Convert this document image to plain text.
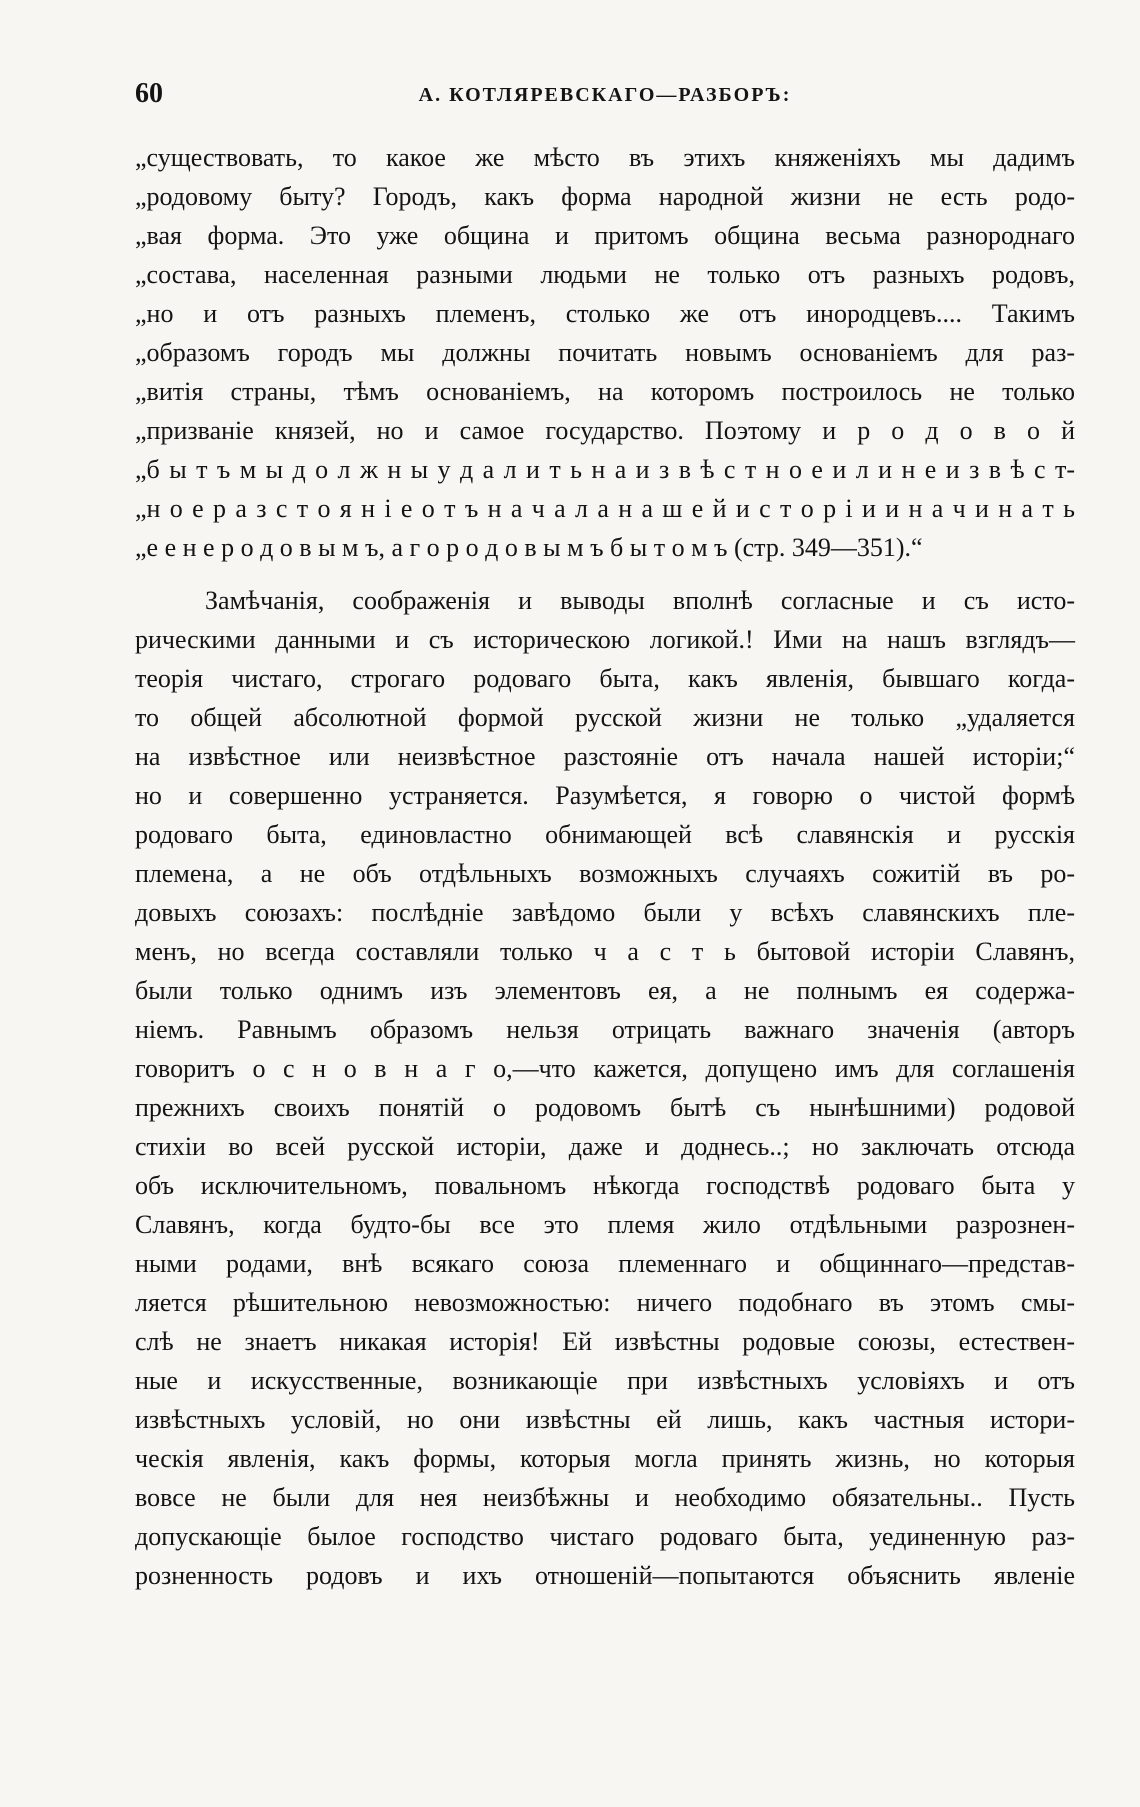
60	А. КОТЛЯРЕВСКАГО—РАЗБОРЪ:
„существовать, то какое же мѣсто въ этихъ княженіяхъ мы дадимъ
„родовому быту? Городъ, какъ форма народной жизни не есть родо-
„вая форма. Это уже община и притомъ община весьма разнороднаго
„состава, населенная разными людьми не только отъ разныхъ родовъ,
„но и отъ разныхъ племенъ, столько же отъ инородцевъ.... Такимъ
„образомъ городъ мы должны почитать новымъ основаніемъ для раз-
„витія страны, тѣмъ основаніемъ, на которомъ построилось не только
„призваніе князей, но и самое государство. Поэтому и р о д о в о й
„б ы т ъ м ы д о л ж н ы у д а л и т ь н а и з в ѣ с т н о е и л и н е и з в ѣ с т-
„н о е р а з с т о я н і е о т ъ н а ч а л а н а ш е й и с т о р і и и н а ч и н а т ь
„е е н е р о д о в ы м ъ, а г о р о д о в ы м ъ б ы т о м ъ (стр. 349—351).“
Замѣчанія, соображенія и выводы вполнѣ согласные и съ исто-
рическими данными и съ историческою логикой.! Ими на нашъ взглядъ—
теорія чистаго, строгаго родоваго быта, какъ явленія, бывшаго когда-
то общей абсолютной формой русской жизни не только „удаляется
на извѣстное или неизвѣстное разстояніе отъ начала нашей исторіи;“
но и совершенно устраняется. Разумѣется, я говорю о чистой формѣ
родоваго быта, единовластно обнимающей всѣ славянскія и русскія
племена, а не объ отдѣльныхъ возможныхъ случаяхъ сожитій въ ро-
довыхъ союзахъ: послѣдніе завѣдомо были у всѣхъ славянскихъ пле-
менъ, но всегда составляли только ч а с т ь бытовой исторіи Славянъ,
были только однимъ изъ элементовъ ея, а не полнымъ ея содержа-
ніемъ. Равнымъ образомъ нельзя отрицать важнаго значенія (авторъ
говоритъ о с н о в н а г о,—что кажется, допущено имъ для соглашенія
прежнихъ своихъ понятій о родовомъ бытѣ съ нынѣшними) родовой
стихіи во всей русской исторіи, даже и доднесь..; но заключать отсюда
объ исключительномъ, повальномъ нѣкогда господствѣ родоваго быта у
Славянъ, когда будто-бы все это племя жило отдѣльными разрознен-
ными родами, внѣ всякаго союза племеннаго и общиннаго—представ-
ляется рѣшительною невозможностью: ничего подобнаго въ этомъ смы-
слѣ не знаетъ никакая исторія! Ей извѣстны родовые союзы, естествен-
ные и искусственные, возникающіе при извѣстныхъ условіяхъ и отъ
извѣстныхъ условій, но они извѣстны ей лишь, какъ частныя истори-
ческія явленія, какъ формы, которыя могла принять жизнь, но которыя
вовсе не были для нея неизбѣжны и необходимо обязательны.. Пусть
допускающіе былое господство чистаго родоваго быта, уединенную раз-
розненность родовъ и ихъ отношеній—попытаются объяснить явленіе
